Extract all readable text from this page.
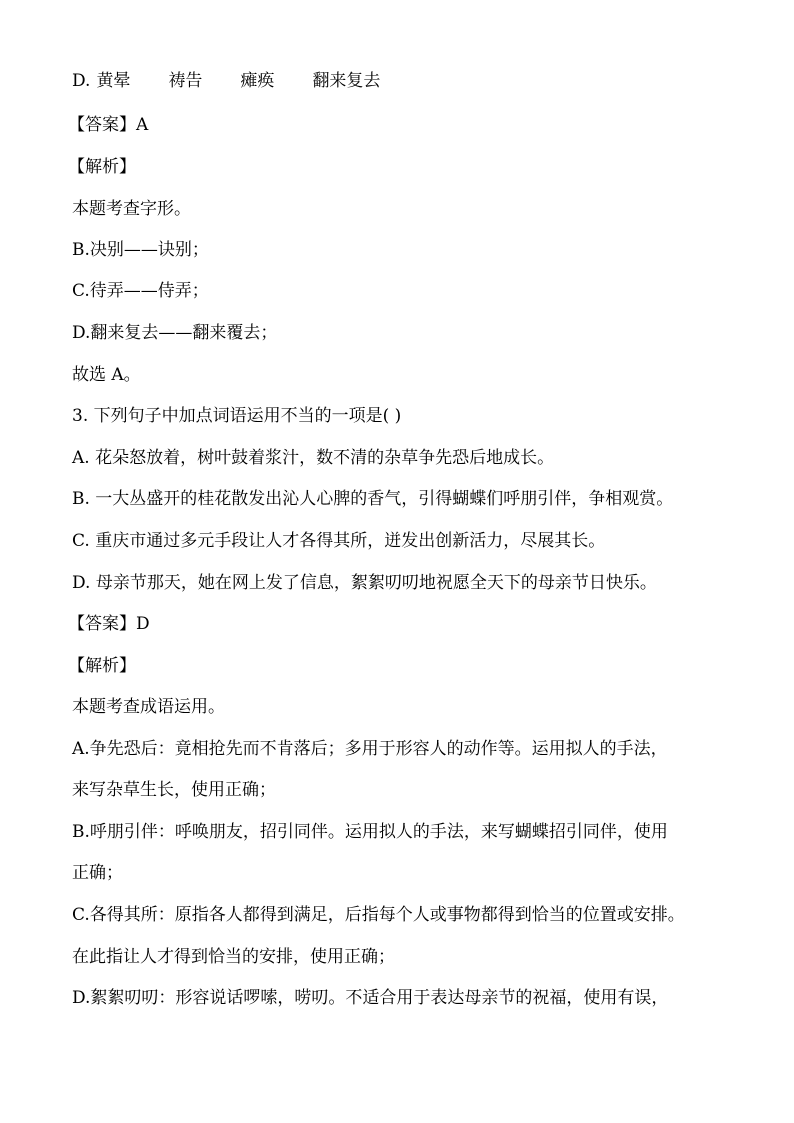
D. 黄晕 祷告 瘫痪 翻来复去
【答案】A
【解析】
本题考查字形。
B.决别——诀别；
C.待弄——侍弄；
D.翻来复去——翻来覆去；
故选 A。
3. 下列句子中加点词语运用不当的一项是( )
A. 花朵怒放着，树叶鼓着浆汁，数不清的杂草争先恐后地成长。
B. 一大丛盛开的桂花散发出沁人心脾的香气，引得蝴蝶们呼朋引伴，争相观赏。
C. 重庆市通过多元手段让人才各得其所，迸发出创新活力，尽展其长。
D. 母亲节那天，她在网上发了信息，絮絮叨叨地祝愿全天下的母亲节日快乐。
【答案】D
【解析】
本题考查成语运用。
A.争先恐后：竟相抢先而不肯落后；多用于形容人的动作等。运用拟人的手法，
来写杂草生长，使用正确；
B.呼朋引伴：呼唤朋友，招引同伴。运用拟人的手法，来写蝴蝶招引同伴，使用
正确；
C.各得其所：原指各人都得到满足，后指每个人或事物都得到恰当的位置或安排。
在此指让人才得到恰当的安排，使用正确；
D.絮絮叨叨：形容说话啰嗦，唠叨。不适合用于表达母亲节的祝福，使用有误，
